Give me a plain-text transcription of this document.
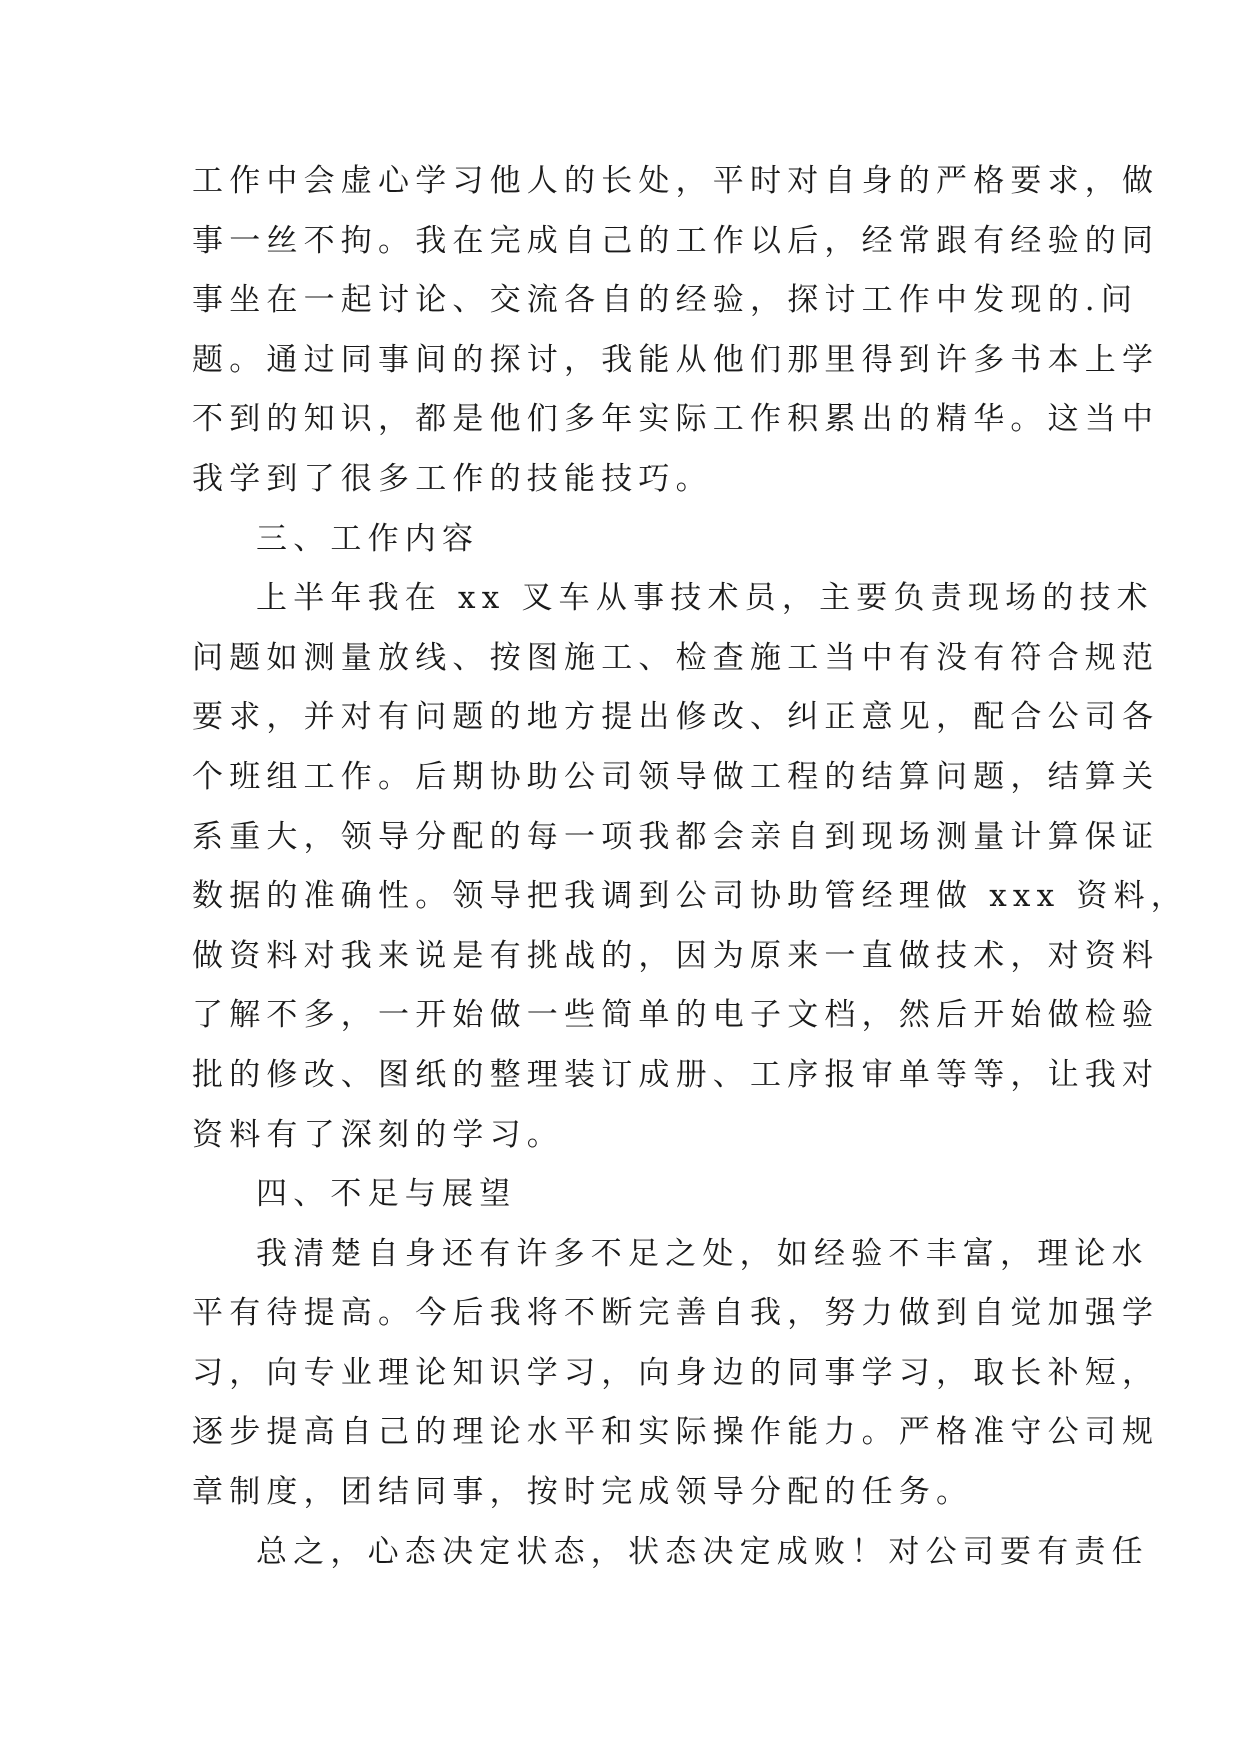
工作中会虚心学习他人的长处，平时对自身的严格要求，做
事一丝不拘。我在完成自己的工作以后，经常跟有经验的同
事坐在一起讨论、交流各自的经验，探讨工作中发现的.问
题。通过同事间的探讨，我能从他们那里得到许多书本上学
不到的知识，都是他们多年实际工作积累出的精华。这当中
我学到了很多工作的技能技巧。
三、工作内容
上半年我在 xx 叉车从事技术员，主要负责现场的技术
问题如测量放线、按图施工、检查施工当中有没有符合规范
要求，并对有问题的地方提出修改、纠正意见，配合公司各
个班组工作。后期协助公司领导做工程的结算问题，结算关
系重大，领导分配的每一项我都会亲自到现场测量计算保证
数据的准确性。领导把我调到公司协助管经理做 xxx 资料，
做资料对我来说是有挑战的，因为原来一直做技术，对资料
了解不多，一开始做一些简单的电子文档，然后开始做检验
批的修改、图纸的整理装订成册、工序报审单等等，让我对
资料有了深刻的学习。
四、不足与展望
我清楚自身还有许多不足之处，如经验不丰富，理论水
平有待提高。今后我将不断完善自我，努力做到自觉加强学
习，向专业理论知识学习，向身边的同事学习，取长补短，
逐步提高自己的理论水平和实际操作能力。严格准守公司规
章制度，团结同事，按时完成领导分配的任务。
总之，心态决定状态，状态决定成败！对公司要有责任
